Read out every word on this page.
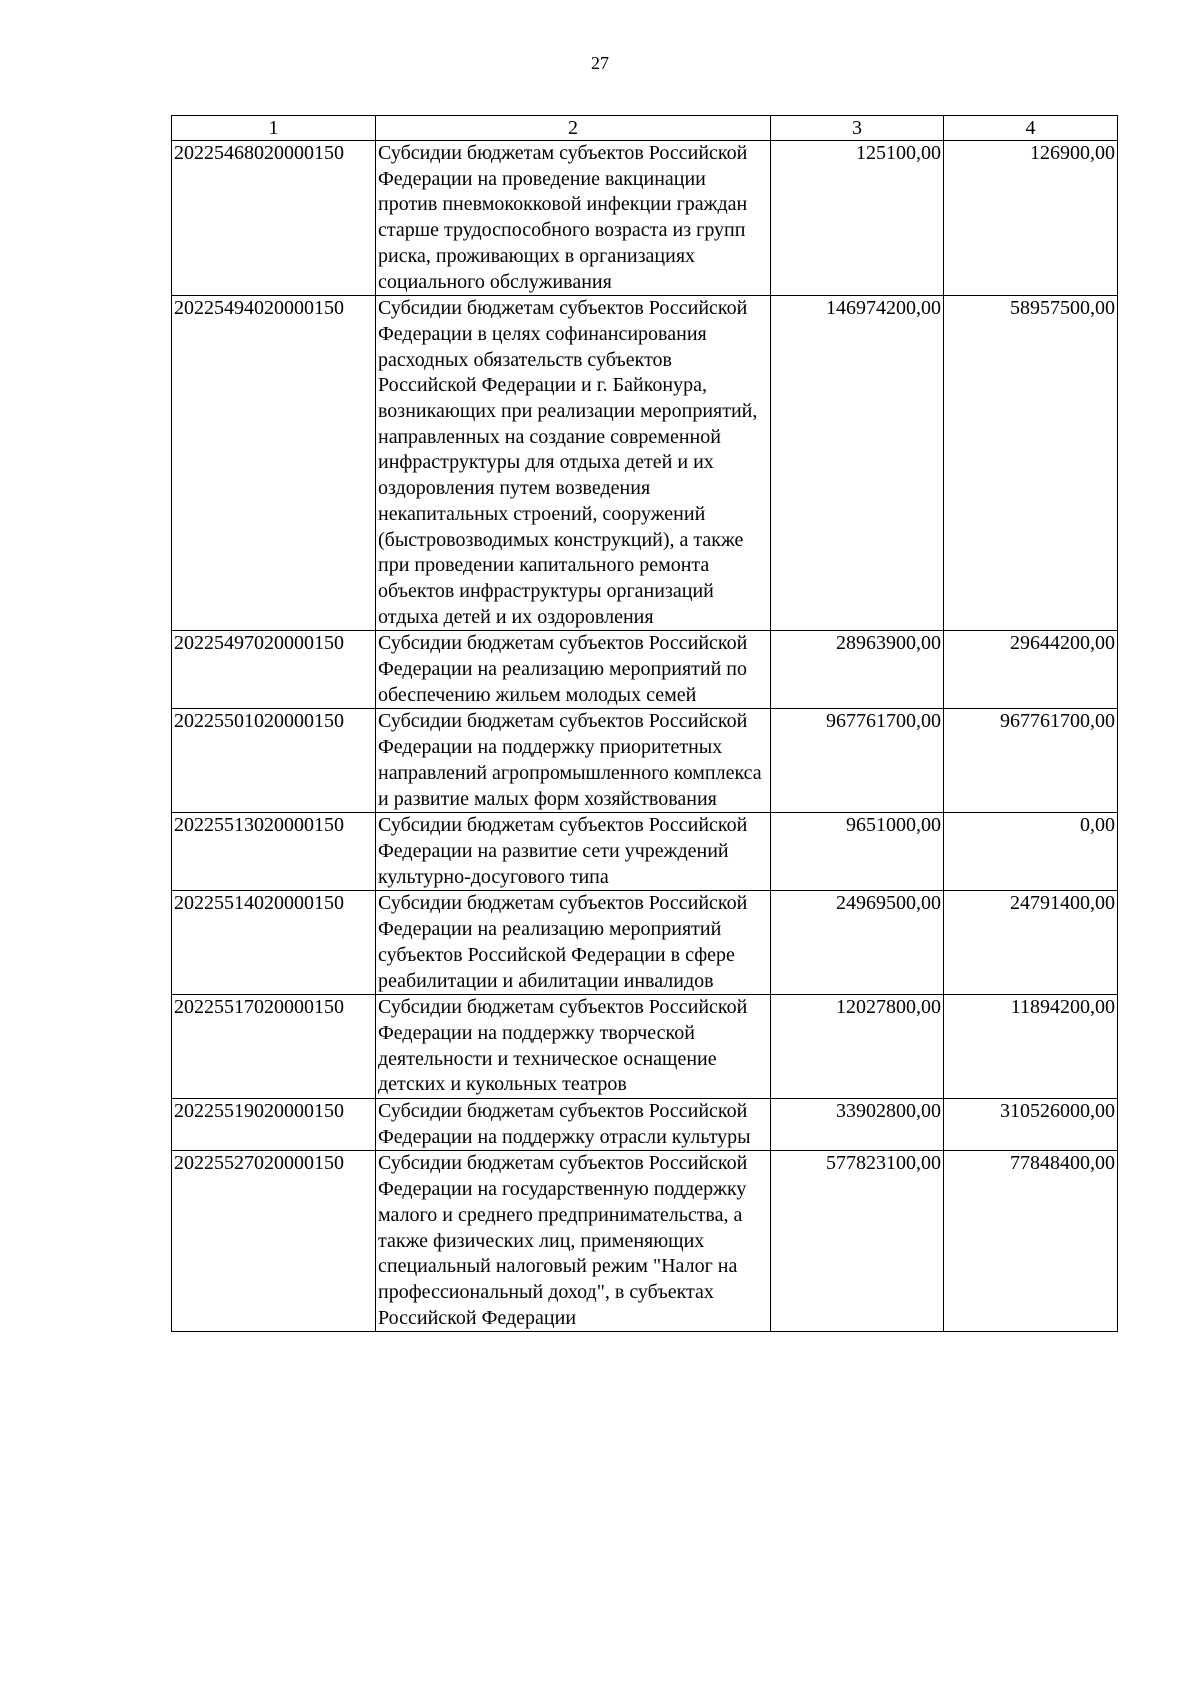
27
1	2	3	4
20225468020000150	Субсидии бюджетам субъектов Российской Федерации на проведение вакцинации против пневмококковой инфекции граждан старше трудоспособного возраста из групп риска, проживающих в организациях социального обслуживания	125100,00	126900,00
20225494020000150	Субсидии бюджетам субъектов Российской Федерации в целях софинансирования расходных обязательств субъектов Российской Федерации и г. Байконура, возникающих при реализации мероприятий, направленных на создание современной инфраструктуры для отдыха детей и их оздоровления путем возведения некапитальных строений, сооружений (быстровозводимых конструкций), а также при проведении капитального ремонта объектов инфраструктуры организаций отдыха детей и их оздоровления	146974200,00	58957500,00
20225497020000150	Субсидии бюджетам субъектов Российской Федерации на реализацию мероприятий по обеспечению жильем молодых семей	28963900,00	29644200,00
20225501020000150	Субсидии бюджетам субъектов Российской Федерации на поддержку приоритетных направлений агропромышленного комплекса и развитие малых форм хозяйствования	967761700,00	967761700,00
20225513020000150	Субсидии бюджетам субъектов Российской Федерации на развитие сети учреждений культурно-досугового типа	9651000,00	0,00
20225514020000150	Субсидии бюджетам субъектов Российской Федерации на реализацию мероприятий субъектов Российской Федерации в сфере реабилитации и абилитации инвалидов	24969500,00	24791400,00
20225517020000150	Субсидии бюджетам субъектов Российской Федерации на поддержку творческой деятельности и техническое оснащение детских и кукольных театров	12027800,00	11894200,00
20225519020000150	Субсидии бюджетам субъектов Российской Федерации на поддержку отрасли культуры	33902800,00	310526000,00
20225527020000150	Субсидии бюджетам субъектов Российской Федерации на государственную поддержку малого и среднего предпринимательства, а также физических лиц, применяющих специальный налоговый режим "Налог на профессиональный доход", в субъектах Российской Федерации	577823100,00	77848400,00
